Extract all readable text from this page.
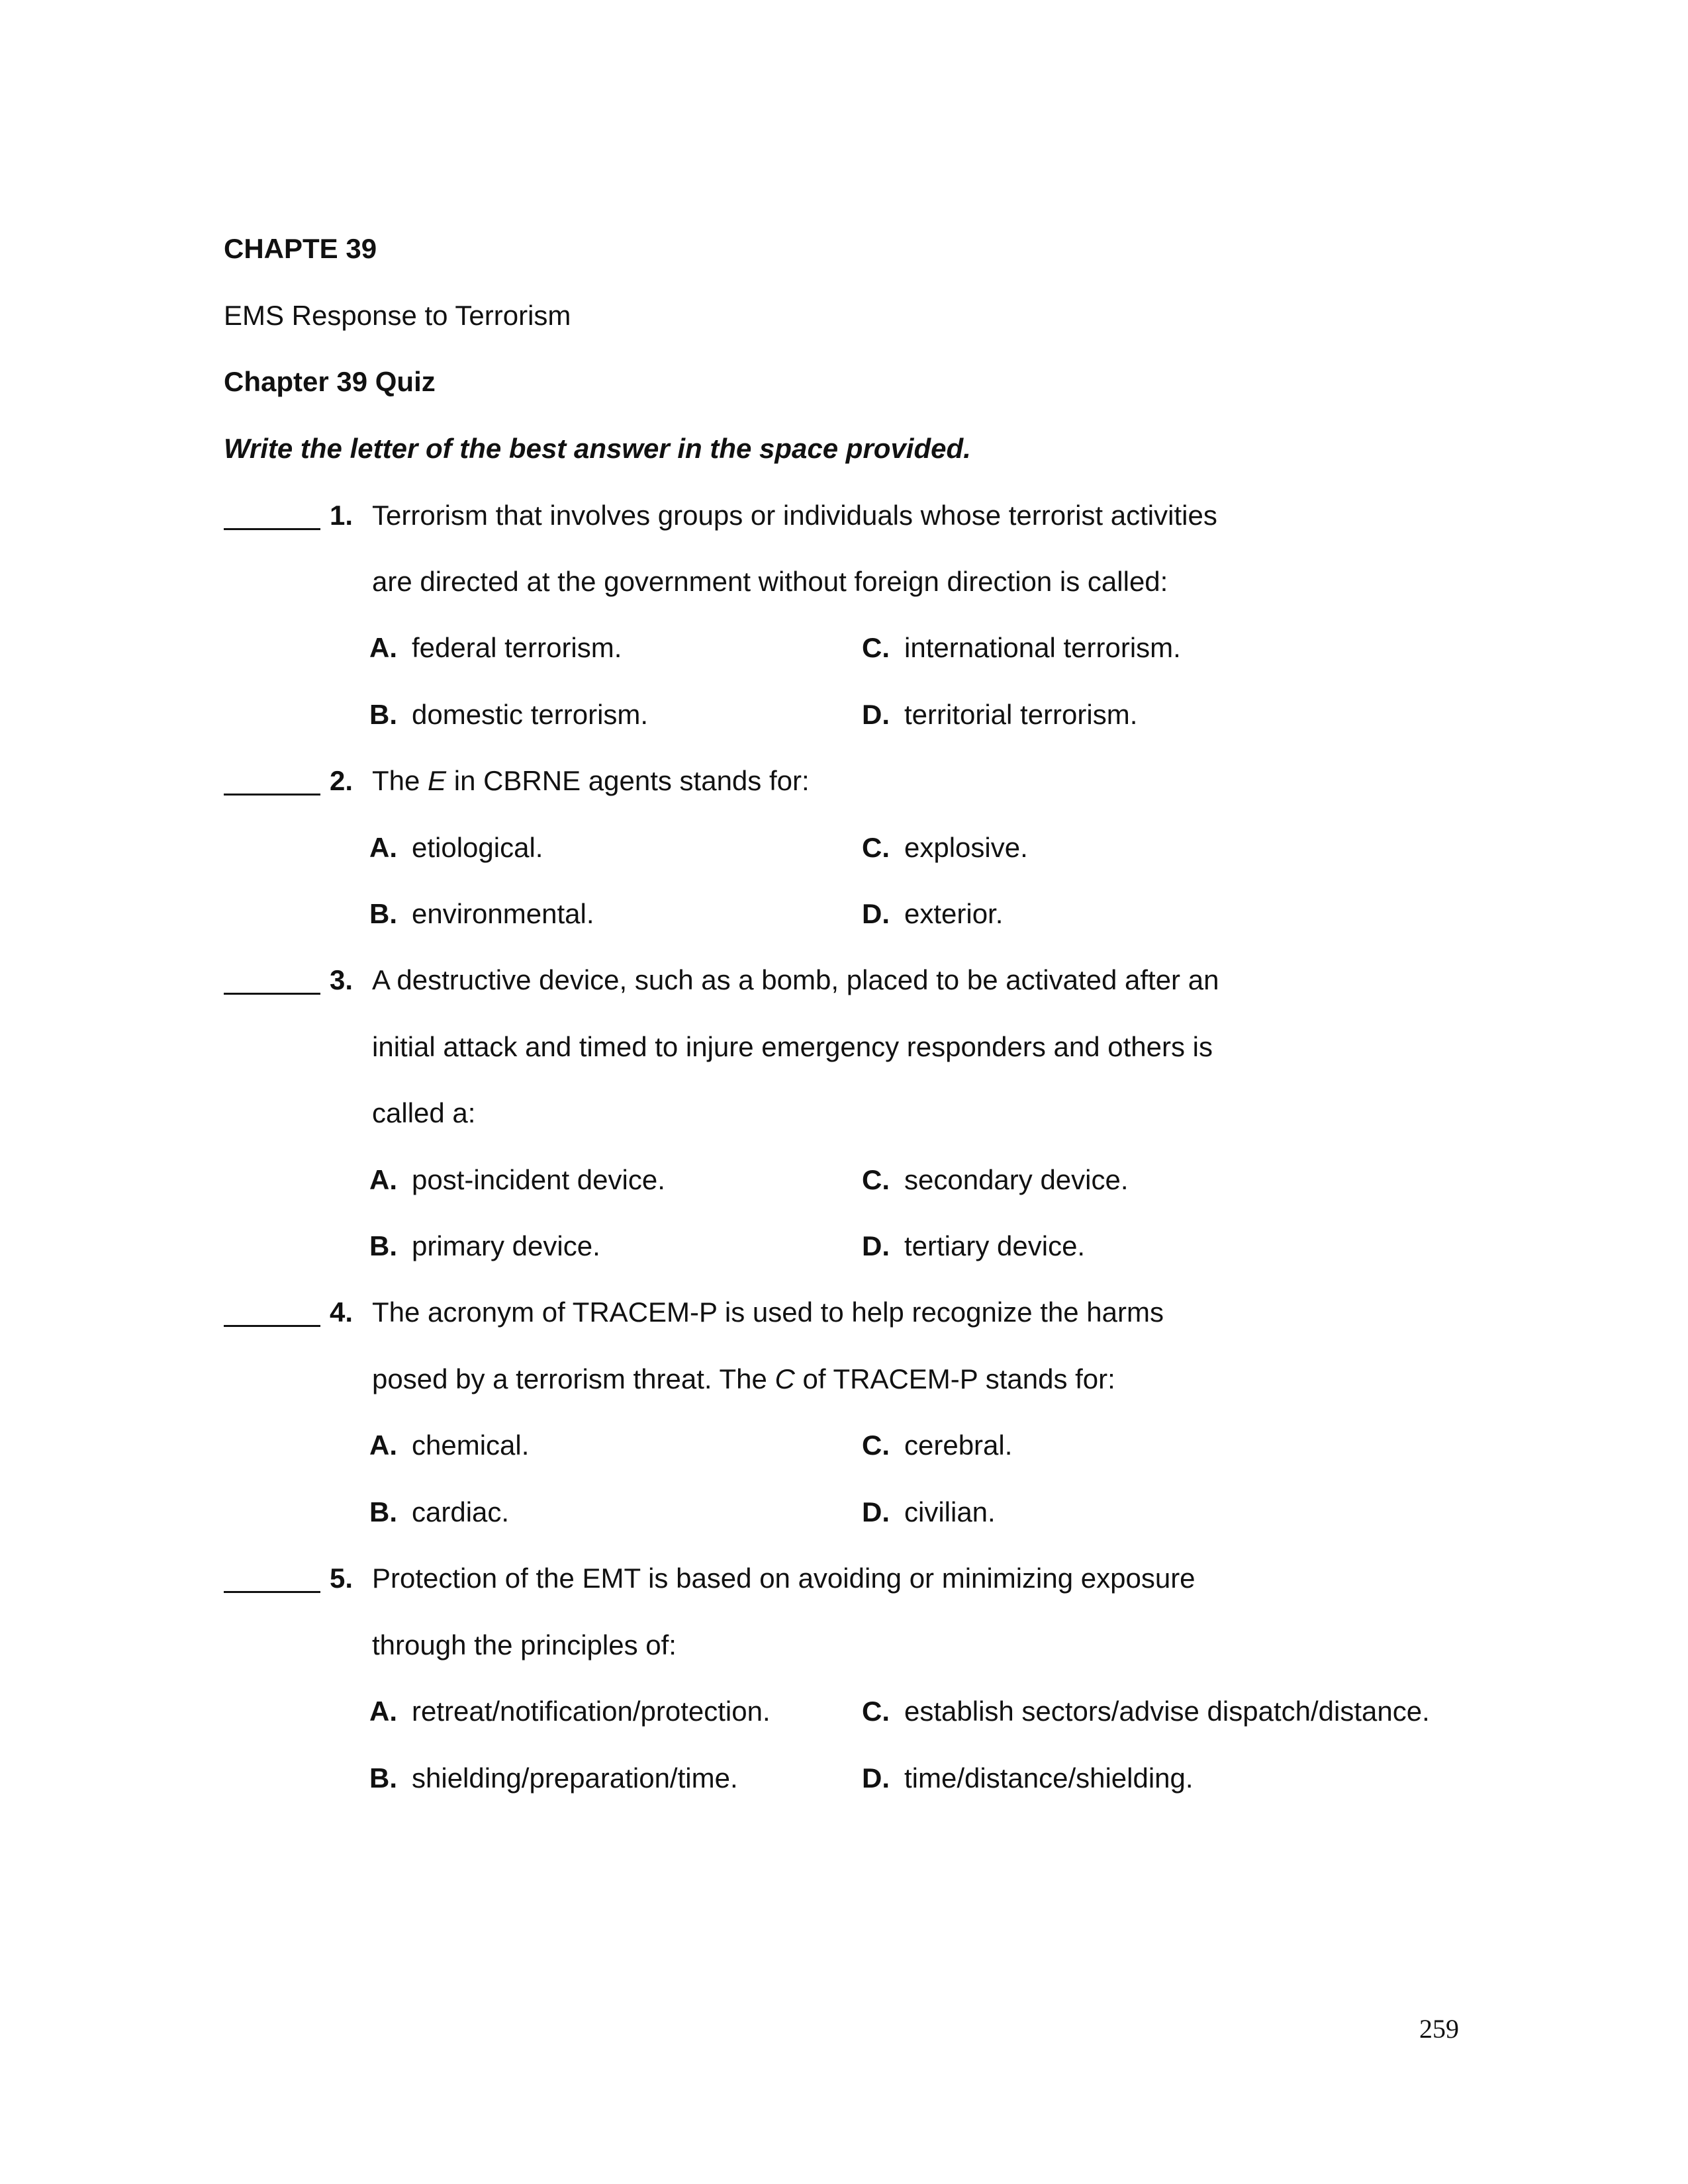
CHAPTE 39
EMS Response to Terrorism
Chapter 39 Quiz
Write the letter of the best answer in the space provided.
1. Terrorism that involves groups or individuals whose terrorist activities
are directed at the government without foreign direction is called:
A. federal terrorism.	C. international terrorism.
B. domestic terrorism.	D. territorial terrorism.
2. The E in CBRNE agents stands for:
A. etiological.	C. explosive.
B. environmental.	D. exterior.
3. A destructive device, such as a bomb, placed to be activated after an
initial attack and timed to injure emergency responders and others is
called a:
A. post-incident device.	C. secondary device.
B. primary device.	D. tertiary device.
4. The acronym of TRACEM-P is used to help recognize the harms
posed by a terrorism threat. The C of TRACEM-P stands for:
A. chemical.	C. cerebral.
B. cardiac.	D. civilian.
5. Protection of the EMT is based on avoiding or minimizing exposure
through the principles of:
A. retreat/notification/protection.	C. establish sectors/advise dispatch/distance.
B. shielding/preparation/time.	D. time/distance/shielding.
259
